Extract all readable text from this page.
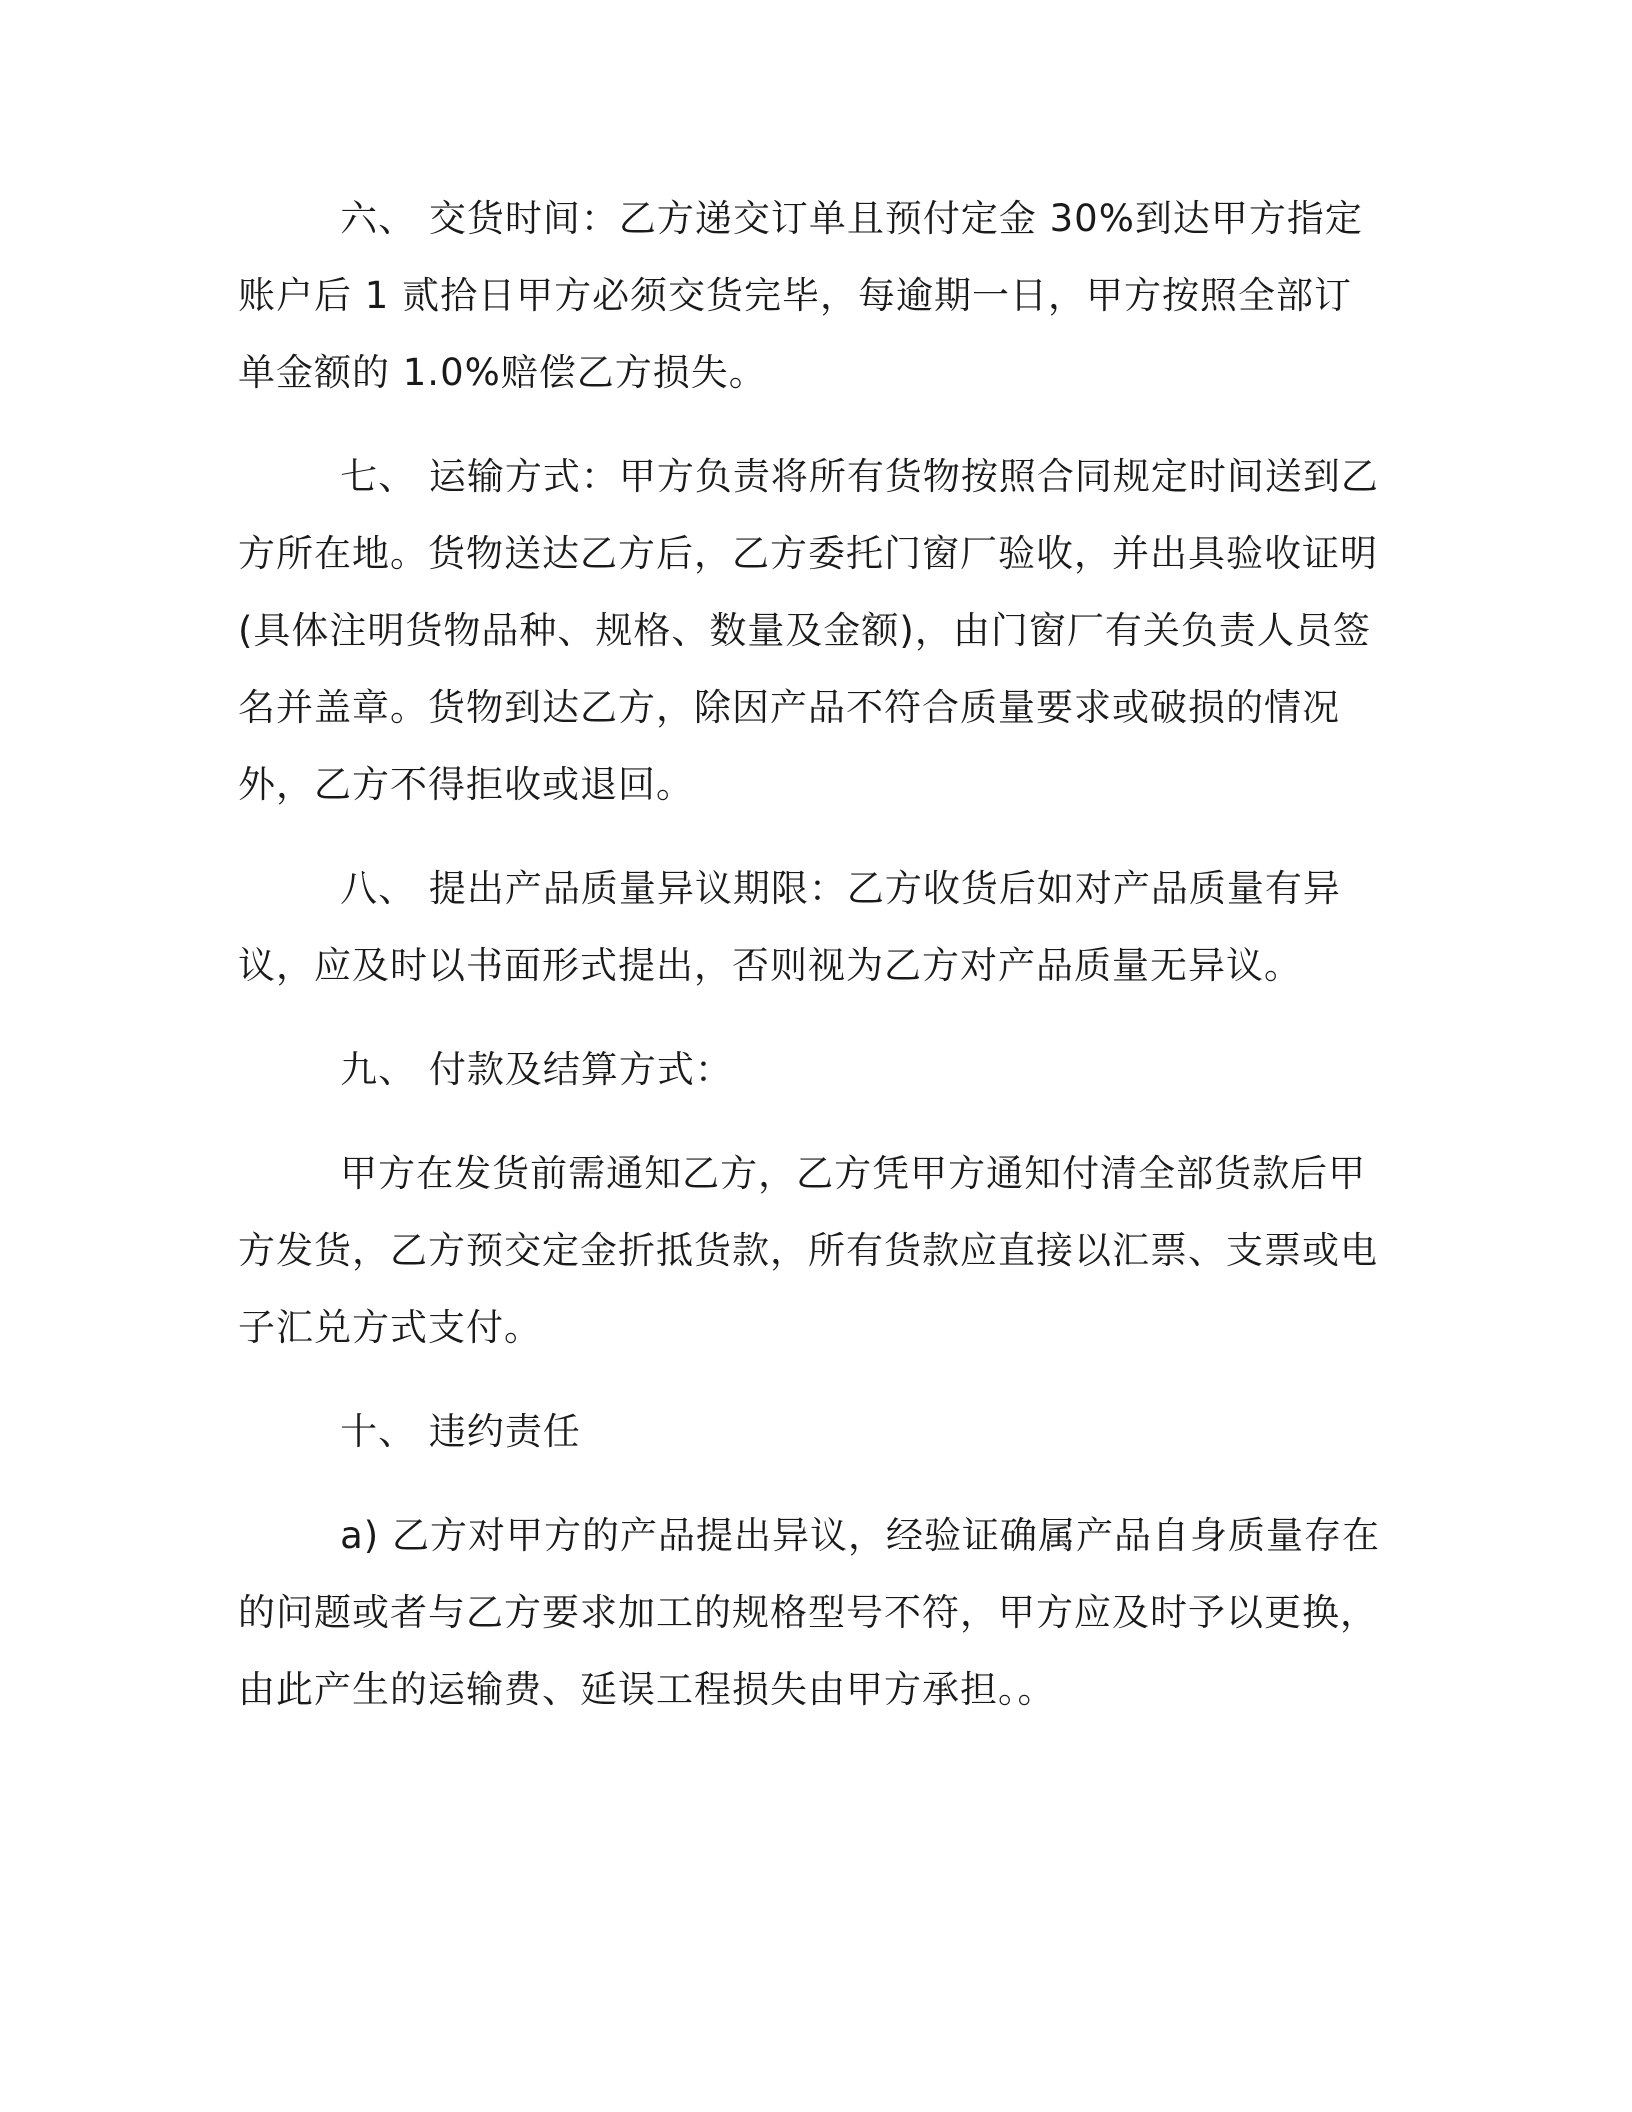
六、 交货时间：乙方递交订单且预付定金 30%到达甲方指定账户后 1 贰拾日甲方必须交货完毕，每逾期一日，甲方按照全部订单金额的 1.0%赔偿乙方损失。

七、 运输方式：甲方负责将所有货物按照合同规定时间送到乙方所在地。货物送达乙方后，乙方委托门窗厂验收，并出具验收证明(具体注明货物品种、规格、数量及金额)，由门窗厂有关负责人员签名并盖章。货物到达乙方，除因产品不符合质量要求或破损的情况外，乙方不得拒收或退回。

八、 提出产品质量异议期限：乙方收货后如对产品质量有异议，应及时以书面形式提出，否则视为乙方对产品质量无异议。

九、 付款及结算方式：

甲方在发货前需通知乙方，乙方凭甲方通知付清全部货款后甲方发货，乙方预交定金折抵货款，所有货款应直接以汇票、支票或电子汇兑方式支付。

十、 违约责任

a) 乙方对甲方的产品提出异议，经验证确属产品自身质量存在的问题或者与乙方要求加工的规格型号不符，甲方应及时予以更换，由此产生的运输费、延误工程损失由甲方承担。。
